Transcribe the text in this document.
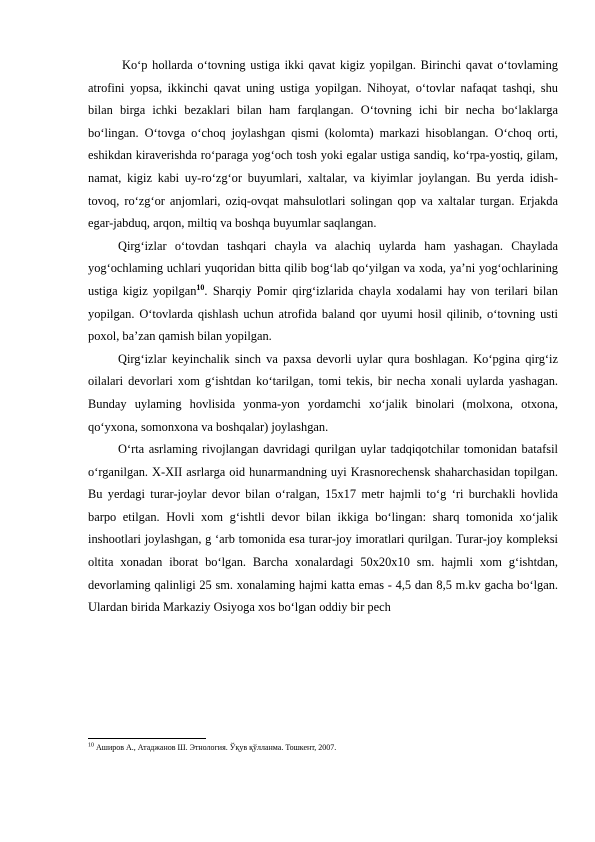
Ko‘p hollarda o‘tovning ustiga ikki qavat kigiz yopilgan. Birinchi qavat o‘tovlaming atrofini yopsa, ikkinchi qavat uning ustiga yopilgan. Nihoyat, o‘tovlar nafaqat tashqi, shu bilan birga ichki bezaklari bilan ham farqlangan. O‘tovning ichi bir necha bo‘laklarga bo‘lingan. O‘tovga o‘choq joylashgan qismi (kolomta) markazi hisoblangan. O‘choq orti, eshikdan kiraverishda ro‘paraga yog‘och tosh yoki egalar ustiga sandiq, ko‘rpa-yostiq, gilam, namat, kigiz kabi uy-ro‘zg‘or buyumlari, xaltalar, va kiyimlar joylangan. Bu yerda idish-tovoq, ro‘zg‘or anjomlari, oziq-ovqat mahsulotlari solingan qop va xaltalar turgan. Erjakda egar-jabduq, arqon, miltiq va boshqa buyumlar saqlangan.

Qirg‘izlar o‘tovdan tashqari chayla va alachiq uylarda ham yashagan. Chaylada yog‘ochlaming uchlari yuqoridan bitta qilib bog‘lab qo‘yilgan va xoda, ya’ni yog‘ochlarining ustiga kigiz yopilgan$^{10}$. Sharqiy Pomir qirg‘izlarida chayla xodalami hay von terilari bilan yopilgan. O‘tovlarda qishlash uchun atrofida baland qor uyumi hosil qilinib, o‘tovning usti poxol, ba’zan qamish bilan yopilgan.

Qirg‘izlar keyinchalik sinch va paxsa devorli uylar qura boshlagan. Ko‘pgina qirg‘iz oilalari devorlari xom g‘ishtdan ko‘tarilgan, tomi tekis, bir necha xonali uylarda yashagan. Bunday uylaming hovlisida yonma-yon yordamchi xo‘jalik binolari (molxona, otxona, qo‘yxona, somonxona va boshqalar) joylashgan.

O‘rta asrlaming rivojlangan davridagi qurilgan uylar tadqiqotchilar tomonidan batafsil o‘rganilgan. X-XII asrlarga oid hunarmandning uyi Krasnorechensk shaharchasidan topilgan. Bu yerdagi turar-joylar devor bilan o‘ralgan, 15x17 metr hajmli to‘g ‘ri burchakli hovlida barpo etilgan. Hovli xom g‘ishtli devor bilan ikkiga bo‘lingan: sharq tomonida xo‘jalik inshootlari joylashgan, g ‘arb tomonida esa turar-joy imoratlari qurilgan. Turar-joy kompleksi oltita xonadan iborat bo‘lgan. Barcha xonalardagi 50x20x10 sm. hajmli xom g‘ishtdan, devorlaming qalinligi 25 sm. xonalaming hajmi katta emas - 4,5 dan 8,5 m.kv gacha bo‘lgan. Ulardan birida Markaziy Osiyoga xos bo‘lgan oddiy bir pech

$^{10}$ Аширов А., Атаджанов Ш. Этнология. Ўқув қўлланма. Тошкент, 2007.
